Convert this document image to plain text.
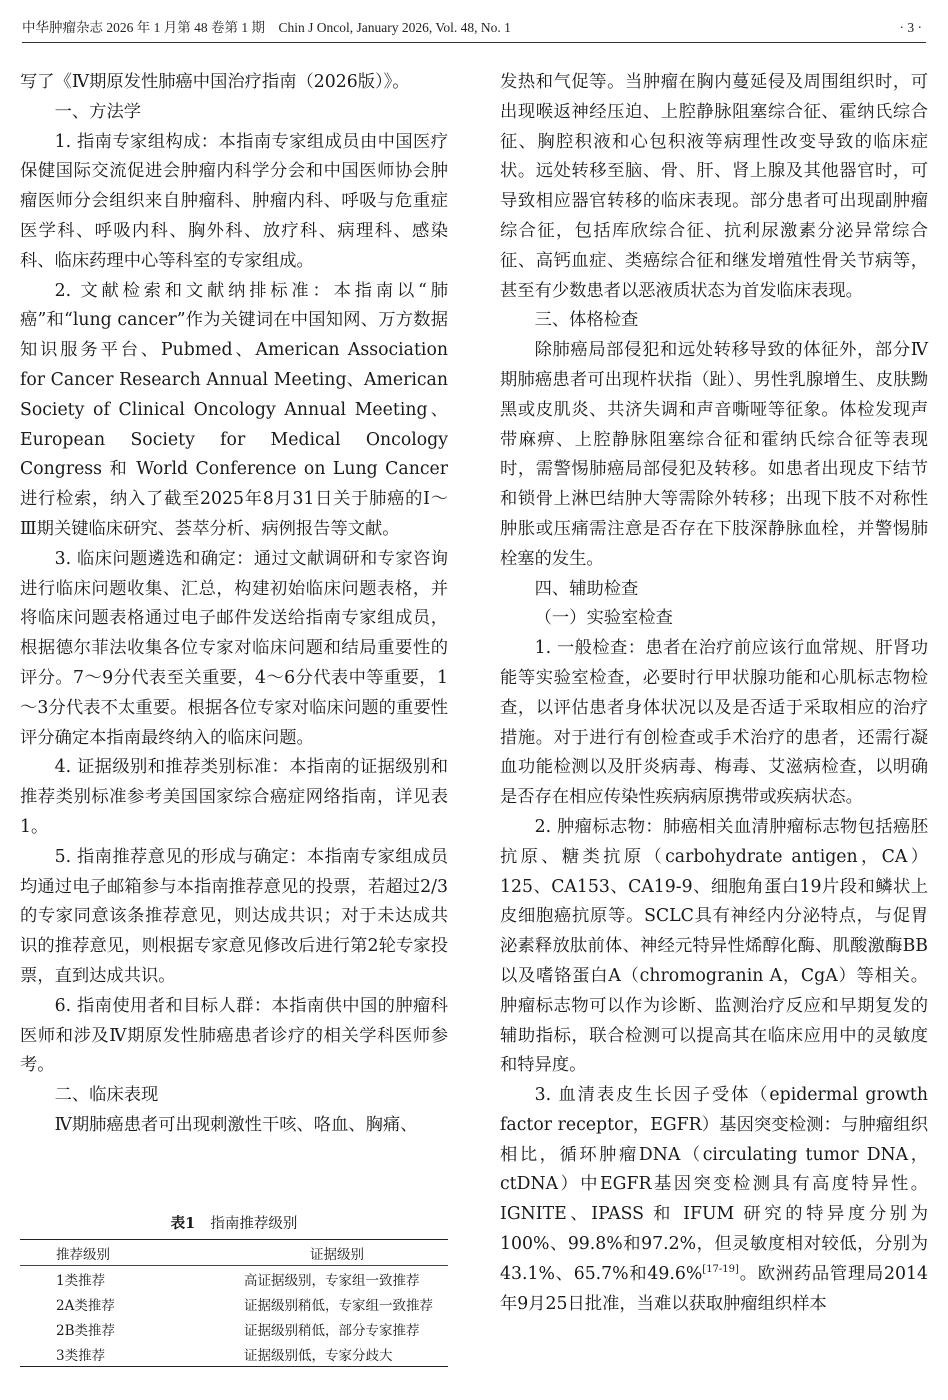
中华肿瘤杂志 2026 年 1 月第 48 卷第 1 期　Chin J Oncol, January 2026, Vol. 48, No. 1	· 3 ·

写了《Ⅳ期原发性肺癌中国治疗指南（2026版）》。

一、方法学

1. 指南专家组构成：本指南专家组成员由中国医疗保健国际交流促进会肿瘤内科学分会和中国医师协会肿瘤医师分会组织来自肿瘤科、肿瘤内科、呼吸与危重症医学科、呼吸内科、胸外科、放疗科、病理科、感染科、临床药理中心等科室的专家组成。

2. 文献检索和文献纳排标准：本指南以“肺癌”和“lung cancer”作为关键词在中国知网、万方数据知识服务平台、Pubmed、American Association for Cancer Research Annual Meeting、American Society of Clinical Oncology Annual Meeting、European Society for Medical Oncology Congress 和 World Conference on Lung Cancer 进行检索，纳入了截至2025年8月31日关于肺癌的Ⅰ～Ⅲ期关键临床研究、荟萃分析、病例报告等文献。

3. 临床问题遴选和确定：通过文献调研和专家咨询进行临床问题收集、汇总，构建初始临床问题表格，并将临床问题表格通过电子邮件发送给指南专家组成员，根据德尔菲法收集各位专家对临床问题和结局重要性的评分。7～9分代表至关重要，4～6分代表中等重要，1～3分代表不太重要。根据各位专家对临床问题的重要性评分确定本指南最终纳入的临床问题。

4. 证据级别和推荐类别标准：本指南的证据级别和推荐类别标准参考美国国家综合癌症网络指南，详见表1。

5. 指南推荐意见的形成与确定：本指南专家组成员均通过电子邮箱参与本指南推荐意见的投票，若超过2/3的专家同意该条推荐意见，则达成共识；对于未达成共识的推荐意见，则根据专家意见修改后进行第2轮专家投票，直到达成共识。

6. 指南使用者和目标人群：本指南供中国的肿瘤科医师和涉及Ⅳ期原发性肺癌患者诊疗的相关学科医师参考。

二、临床表现

Ⅳ期肺癌患者可出现刺激性干咳、咯血、胸痛、

发热和气促等。当肿瘤在胸内蔓延侵及周围组织时，可出现喉返神经压迫、上腔静脉阻塞综合征、霍纳氏综合征、胸腔积液和心包积液等病理性改变导致的临床症状。远处转移至脑、骨、肝、肾上腺及其他器官时，可导致相应器官转移的临床表现。部分患者可出现副肿瘤综合征，包括库欣综合征、抗利尿激素分泌异常综合征、高钙血症、类癌综合征和继发增殖性骨关节病等，甚至有少数患者以恶液质状态为首发临床表现。

三、体格检查

除肺癌局部侵犯和远处转移导致的体征外，部分Ⅳ期肺癌患者可出现杵状指（趾）、男性乳腺增生、皮肤黝黑或皮肌炎、共济失调和声音嘶哑等征象。体检发现声带麻痹、上腔静脉阻塞综合征和霍纳氏综合征等表现时，需警惕肺癌局部侵犯及转移。如患者出现皮下结节和锁骨上淋巴结肿大等需除外转移；出现下肢不对称性肿胀或压痛需注意是否存在下肢深静脉血栓，并警惕肺栓塞的发生。

四、辅助检查

（一）实验室检查

1. 一般检查：患者在治疗前应该行血常规、肝肾功能等实验室检查，必要时行甲状腺功能和心肌标志物检查，以评估患者身体状况以及是否适于采取相应的治疗措施。对于进行有创检查或手术治疗的患者，还需行凝血功能检测以及肝炎病毒、梅毒、艾滋病检查，以明确是否存在相应传染性疾病病原携带或疾病状态。

2. 肿瘤标志物：肺癌相关血清肿瘤标志物包括癌胚抗原、糖类抗原（carbohydrate antigen，CA）125、CA153、CA19-9、细胞角蛋白19片段和鳞状上皮细胞癌抗原等。SCLC具有神经内分泌特点，与促胃泌素释放肽前体、神经元特异性烯醇化酶、肌酸激酶BB以及嗜铬蛋白A（chromogranin A，CgA）等相关。肿瘤标志物可以作为诊断、监测治疗反应和早期复发的辅助指标，联合检测可以提高其在临床应用中的灵敏度和特异度。

3. 血清表皮生长因子受体（epidermal growth factor receptor，EGFR）基因突变检测：与肿瘤组织相比，循环肿瘤DNA（circulating tumor DNA，ctDNA）中EGFR基因突变检测具有高度特异性。IGNITE、IPASS 和 IFUM 研究的特异度分别为100%、99.8%和97.2%，但灵敏度相对较低，分别为43.1%、65.7%和49.6%[17-19]。欧洲药品管理局2014年9月25日批准，当难以获取肿瘤组织样本

表1 指南推荐级别
推荐级别	证据级别
1类推荐	高证据级别，专家组一致推荐
2A类推荐	证据级别稍低，专家组一致推荐
2B类推荐	证据级别稍低，部分专家推荐
3类推荐	证据级别低，专家分歧大
